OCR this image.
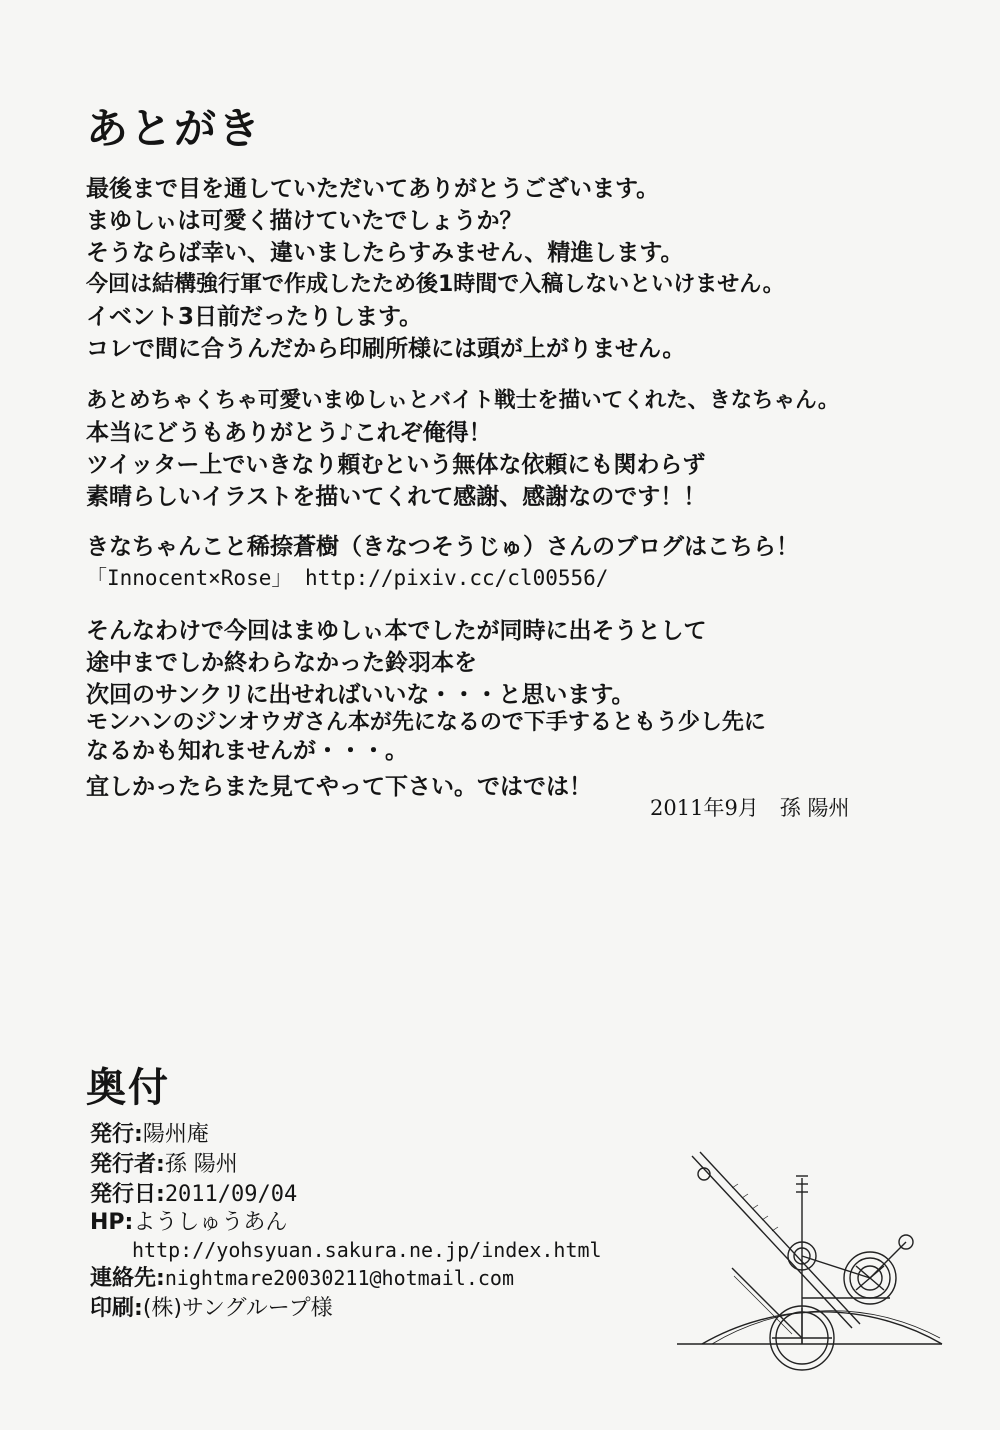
あとがき
最後まで目を通していただいてありがとうございます。
まゆしぃは可愛く描けていたでしょうか？
そうならば幸い、違いましたらすみません、精進します。
今回は結構強行軍で作成したため後1時間で入稿しないといけません。
イベント3日前だったりします。
コレで間に合うんだから印刷所様には頭が上がりません。
あとめちゃくちゃ可愛いまゆしぃとバイト戦士を描いてくれた、きなちゃん。
本当にどうもありがとう♪これぞ俺得！
ツイッター上でいきなり頼むという無体な依頼にも関わらず
素晴らしいイラストを描いてくれて感謝、感謝なのです！！
きなちゃんこと稀捺蒼樹（きなつそうじゅ）さんのブログはこちら！
「Innocent×Rose」 http://pixiv.cc/cl00556/
そんなわけで今回はまゆしぃ本でしたが同時に出そうとして
途中までしか終わらなかった鈴羽本を
次回のサンクリに出せればいいな・・・と思います。
モンハンのジンオウガさん本が先になるので下手するともう少し先に
なるかも知れませんが・・・。
宜しかったらまた見てやって下さい。ではでは！
2011年9月　孫 陽州
奥付
発行:陽州庵
発行者:孫 陽州
発行日:2011/09/04
HP:ようしゅうあん
http://yohsyuan.sakura.ne.jp/index.html
連絡先:nightmare20030211@hotmail.com
印刷:(株)サングループ様
